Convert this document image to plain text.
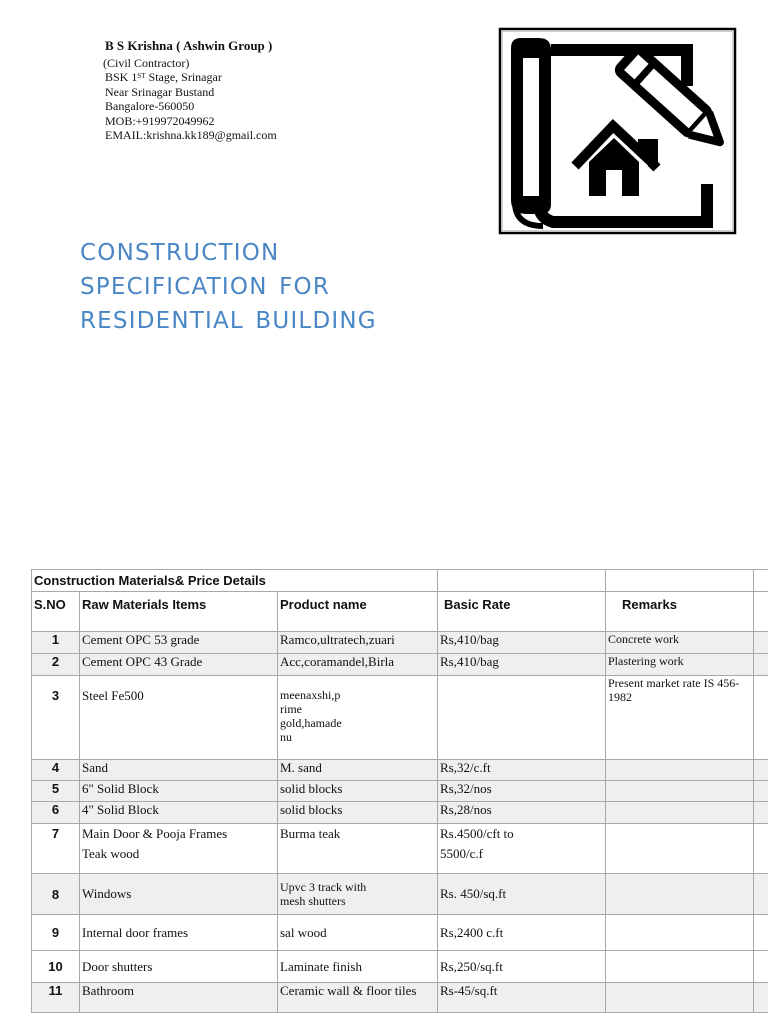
B S Krishna ( Ashwin Group )
(Civil Contractor)
BSK 1ST Stage, Srinagar
Near Srinagar Bustand
Bangalore-560050
MOB:+919972049962
EMAIL:krishna.kk189@gmail.com
CONSTRUCTION
SPECIFICATION FOR
RESIDENTIAL BUILDING
Construction Materials& Price Details					
S.NO	Raw Materials Items	Product name	Basic Rate	Remarks	
1	Cement OPC 53 grade	Ramco,ultratech,zuari	Rs,410/bag	Concrete work	
2	Cement OPC 43 Grade	Acc,coramandel,Birla	Rs,410/bag	Plastering work	
3	Steel Fe500	meenaxshi,p
rime
gold,hamade
nu		Present market rate IS 456- 1982	
4	Sand	M. sand	Rs,32/c.ft		
5	6" Solid Block	solid blocks	Rs,32/nos		
6	4" Solid Block	solid blocks	Rs,28/nos		
7	Main Door & Pooja Frames
Teak wood	Burma teak	Rs.4500/cft to
5500/c.f		
8	Windows	Upvc 3 track with
mesh shutters	Rs. 450/sq.ft		
9	Internal door frames	sal wood	Rs,2400 c.ft		
10	Door shutters	Laminate finish	Rs,250/sq.ft		
11	Bathroom	Ceramic wall & floor tiles	Rs-45/sq.ft		
